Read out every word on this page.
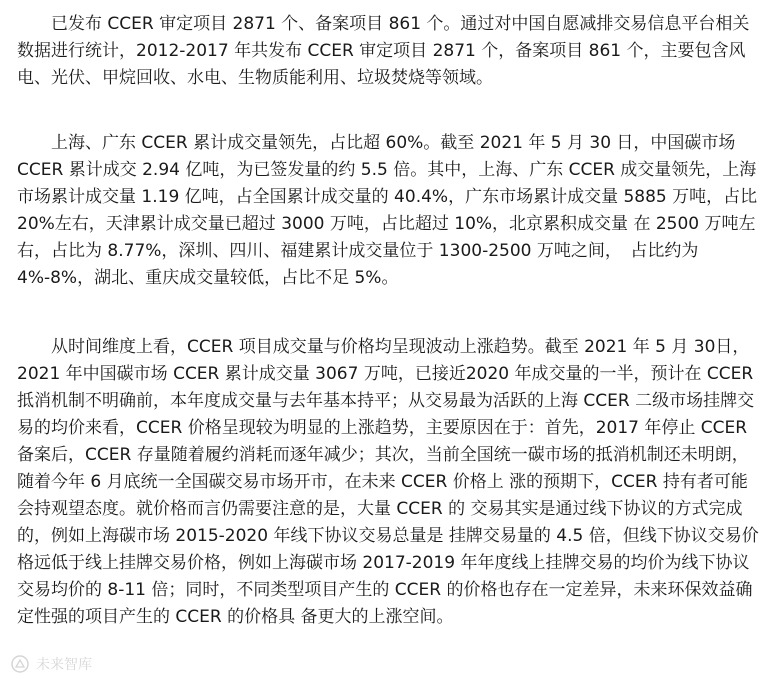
　　已发布 CCER 审定项目 2871 个、备案项目 861 个。通过对中国自愿减排交易信息平台相关
数据进行统计，2012-2017 年共发布 CCER 审定项目 2871 个，备案项目 861 个，主要包含风
电、光伏、甲烷回收、水电、生物质能利用、垃圾焚烧等领域。
　　上海、广东 CCER 累计成交量领先，占比超 60%。截至 2021 年 5 月 30 日，中国碳市场
CCER 累计成交 2.94 亿吨，为已签发量的约 5.5 倍。其中，上海、广东 CCER 成交量领先，上海
市场累计成交量 1.19 亿吨，占全国累计成交量的 40.4%，广东市场累计成交量 5885 万吨，占比
20%左右，天津累计成交量已超过 3000 万吨，占比超过 10%，北京累积成交量 在 2500 万吨左
右，占比为 8.77%，深圳、四川、福建累计成交量位于 1300-2500 万吨之间，　占比约为
4%-8%，湖北、重庆成交量较低，占比不足 5%。
　　从时间维度上看，CCER 项目成交量与价格均呈现波动上涨趋势。截至 2021 年 5 月 30日，
2021 年中国碳市场 CCER 累计成交量 3067 万吨，已接近2020 年成交量的一半，预计在 CCER
抵消机制不明确前，本年度成交量与去年基本持平；从交易最为活跃的上海 CCER 二级市场挂牌交
易的均价来看，CCER 价格呈现较为明显的上涨趋势，主要原因在于：首先，2017 年停止 CCER
备案后，CCER 存量随着履约消耗而逐年减少；其次，当前全国统一碳市场的抵消机制还未明朗，
随着今年 6 月底统一全国碳交易市场开市，在未来 CCER 价格上 涨的预期下，CCER 持有者可能
会持观望态度。就价格而言仍需要注意的是，大量 CCER 的 交易其实是通过线下协议的方式完成
的，例如上海碳市场 2015-2020 年线下协议交易总量是 挂牌交易量的 4.5 倍，但线下协议交易价
格远低于线上挂牌交易价格，例如上海碳市场 2017-2019 年年度线上挂牌交易的均价为线下协议
交易均价的 8-11 倍；同时，不同类型项目产生的 CCER 的价格也存在一定差异，未来环保效益确
定性强的项目产生的 CCER 的价格具 备更大的上涨空间。
未来智库
